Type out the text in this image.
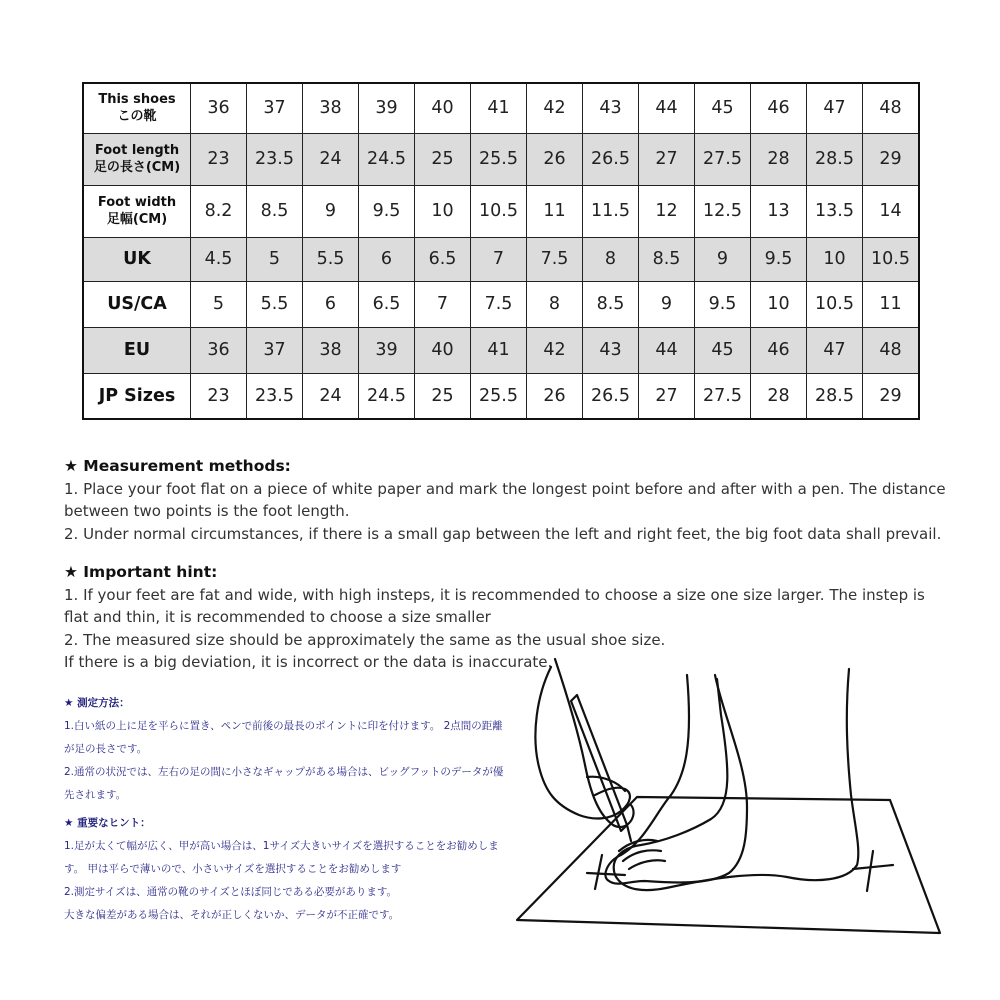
This shoes
この靴	36	37	38	39	40	41	42	43	44	45	46	47	48

Foot length
足の長さ(CM)	23	23.5	24	24.5	25	25.5	26	26.5	27	27.5	28	28.5	29

Foot width
足幅(CM)	8.2	8.5	9	9.5	10	10.5	11	11.5	12	12.5	13	13.5	14

UK	4.5	5	5.5	6	6.5	7	7.5	8	8.5	9	9.5	10	10.5

US/CA	5	5.5	6	6.5	7	7.5	8	8.5	9	9.5	10	10.5	11

EU	36	37	38	39	40	41	42	43	44	45	46	47	48

JP Sizes	23	23.5	24	24.5	25	25.5	26	26.5	27	27.5	28	28.5	29
★ Measurement methods:

1. Place your foot flat on a piece of white paper and mark the longest point before and after with a pen. The distance between two points is the foot length.

2. Under normal circumstances, if there is a small gap between the left and right feet, the big foot data shall prevail.

★ Important hint:

1. If your feet are fat and wide, with high insteps, it is recommended to choose a size one size larger. The instep is flat and thin, it is recommended to choose a size smaller

2. The measured size should be approximately the same as the usual shoe size.

If there is a big deviation, it is incorrect or the data is inaccurate.

★ 測定方法：

1.白い紙の上に足を平らに置き、ペンで前後の最長のポイントに印を付けます。 2点間の距離が足の長さです。

2.通常の状況では、左右の足の間に小さなギャップがある場合は、ビッグフットのデータが優先されます。

★ 重要なヒント：

1.足が太くて幅が広く、甲が高い場合は、1サイズ大きいサイズを選択することをお勧めします。 甲は平らで薄いので、小さいサイズを選択することをお勧めします

2.測定サイズは、通常の靴のサイズとほぼ同じである必要があります。

大きな偏差がある場合は、それが正しくないか、データが不正確です。
